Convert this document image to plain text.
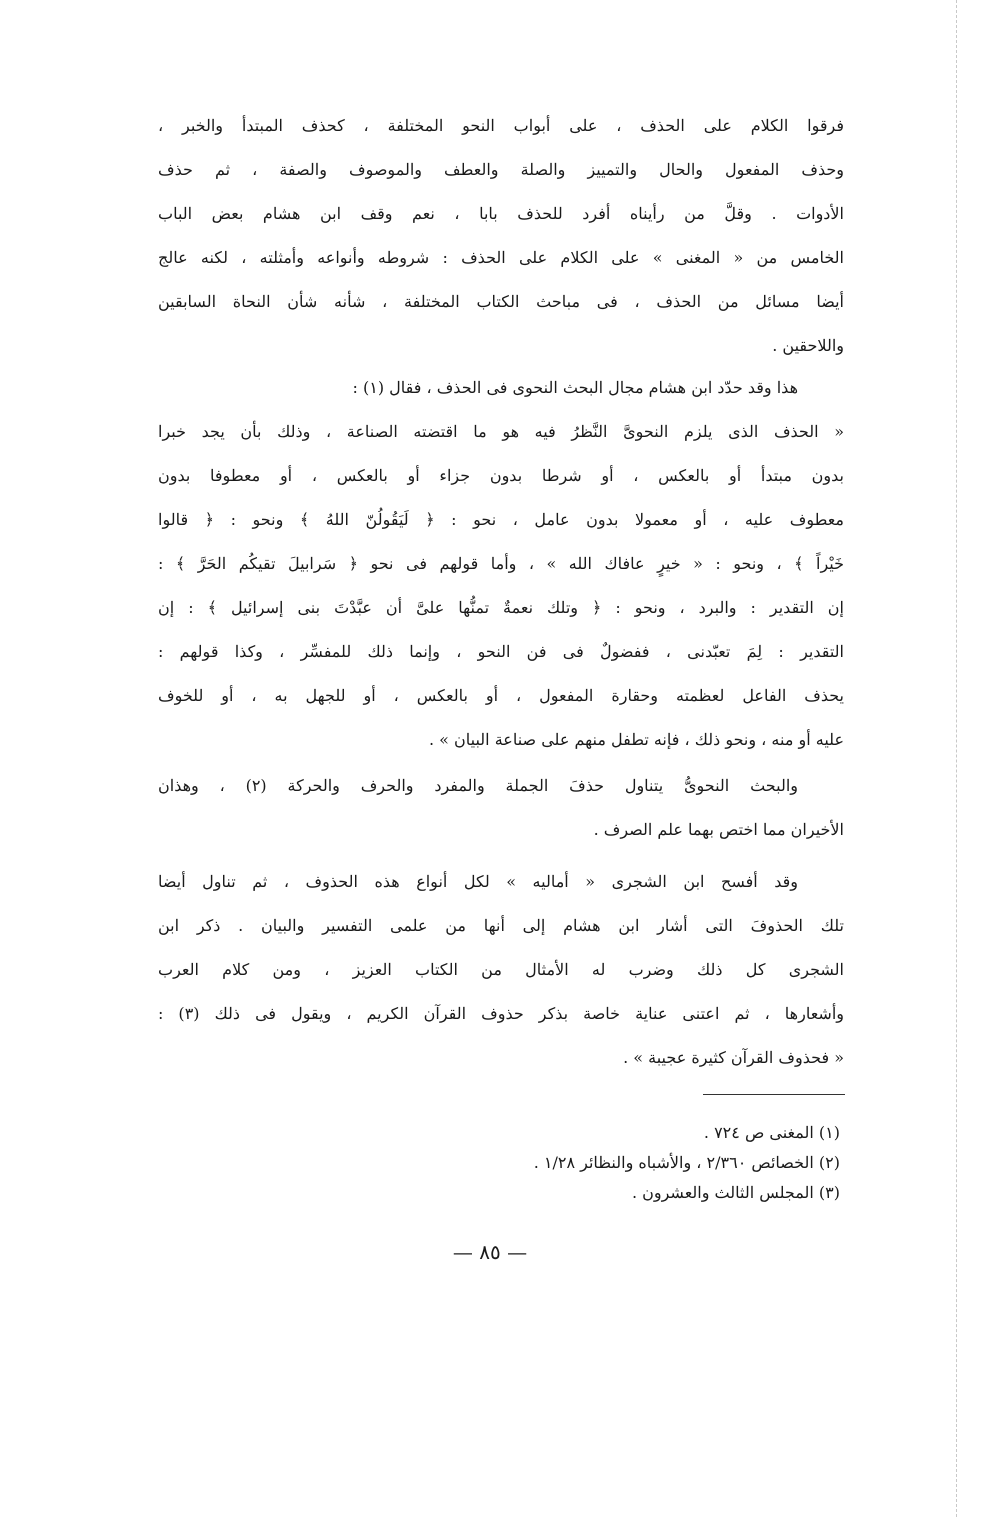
فرقوا الكلام على الحذف ، على أبواب النحو المختلفة ، كحذف المبتدأ والخبر ،
وحذف المفعول والحال والتمييز والصلة والعطف والموصوف والصفة ، ثم حذف
الأدوات . وقلَّ من رأيناه أفرد للحذف بابا ، نعم وقف ابن هشام بعض الباب
الخامس من « المغنى » على الكلام على الحذف : شروطه وأنواعه وأمثلته ، لكنه عالج
أيضا مسائل من الحذف ، فى مباحث الكتاب المختلفة ، شأنه شأن النحاة السابقين
واللاحقين .
هذا وقد حدّد ابن هشام مجال البحث النحوى فى الحذف ، فقال (١) :
« الحذف الذى يلزم النحوىَّ النَّظرُ فيه هو ما اقتضته الصناعة ، وذلك بأن يجد خبرا
بدون مبتدأ أو بالعكس ، أو شرطا بدون جزاء أو بالعكس ، أو معطوفا بدون
معطوف عليه ، أو معمولا بدون عامل ، نحو : ﴿ لَيَقُولُنّ اللهُ ﴾ ونحو : ﴿ قالوا
خَيْراً ﴾ ، ونحو : « خيرٍ عافاك الله » ، وأما قولهم فى نحو ﴿ سَرابيلَ تقيكُم الحَرَّ ﴾ :
إن التقدير : والبرد ، ونحو : ﴿ وتلك نعمةٌ تمنُّها علىَّ أن عبَّدْتَ بنى إسرائيل ﴾ : إن
التقدير : لِمَ تعبّدنى ، ففضولٌ فى فن النحو ، وإنما ذلك للمفسِّر ، وكذا قولهم :
يحذف الفاعل لعظمته وحقارة المفعول ، أو بالعكس ، أو للجهل به ، أو للخوف
عليه أو منه ، ونحو ذلك ، فإنه تطفل منهم على صناعة البيان » .
والبحث النحوىُّ يتناول حذفَ الجملة والمفرد والحرف والحركة (٢) ، وهذان
الأخيران مما اختص بهما علم الصرف .
وقد أفسح ابن الشجرى « أماليه » لكل أنواع هذه الحذوف ، ثم تناول أيضا
تلك الحذوفَ التى أشار ابن هشام إلى أنها من علمى التفسير والبيان . ذكر ابن
الشجرى كل ذلك وضرب له الأمثال من الكتاب العزيز ، ومن كلام العرب
وأشعارها ، ثم اعتنى عناية خاصة بذكر حذوف القرآن الكريم ، ويقول فى ذلك (٣) :
« فحذوف القرآن كثيرة عجيبة » .

(١) المغنى ص ٧٢٤ .

(٢) الخصائص ٢/٣٦٠ ، والأشباه والنظائر ١/٢٨ .

(٣) المجلس الثالث والعشرون .

— ٨٥ —
